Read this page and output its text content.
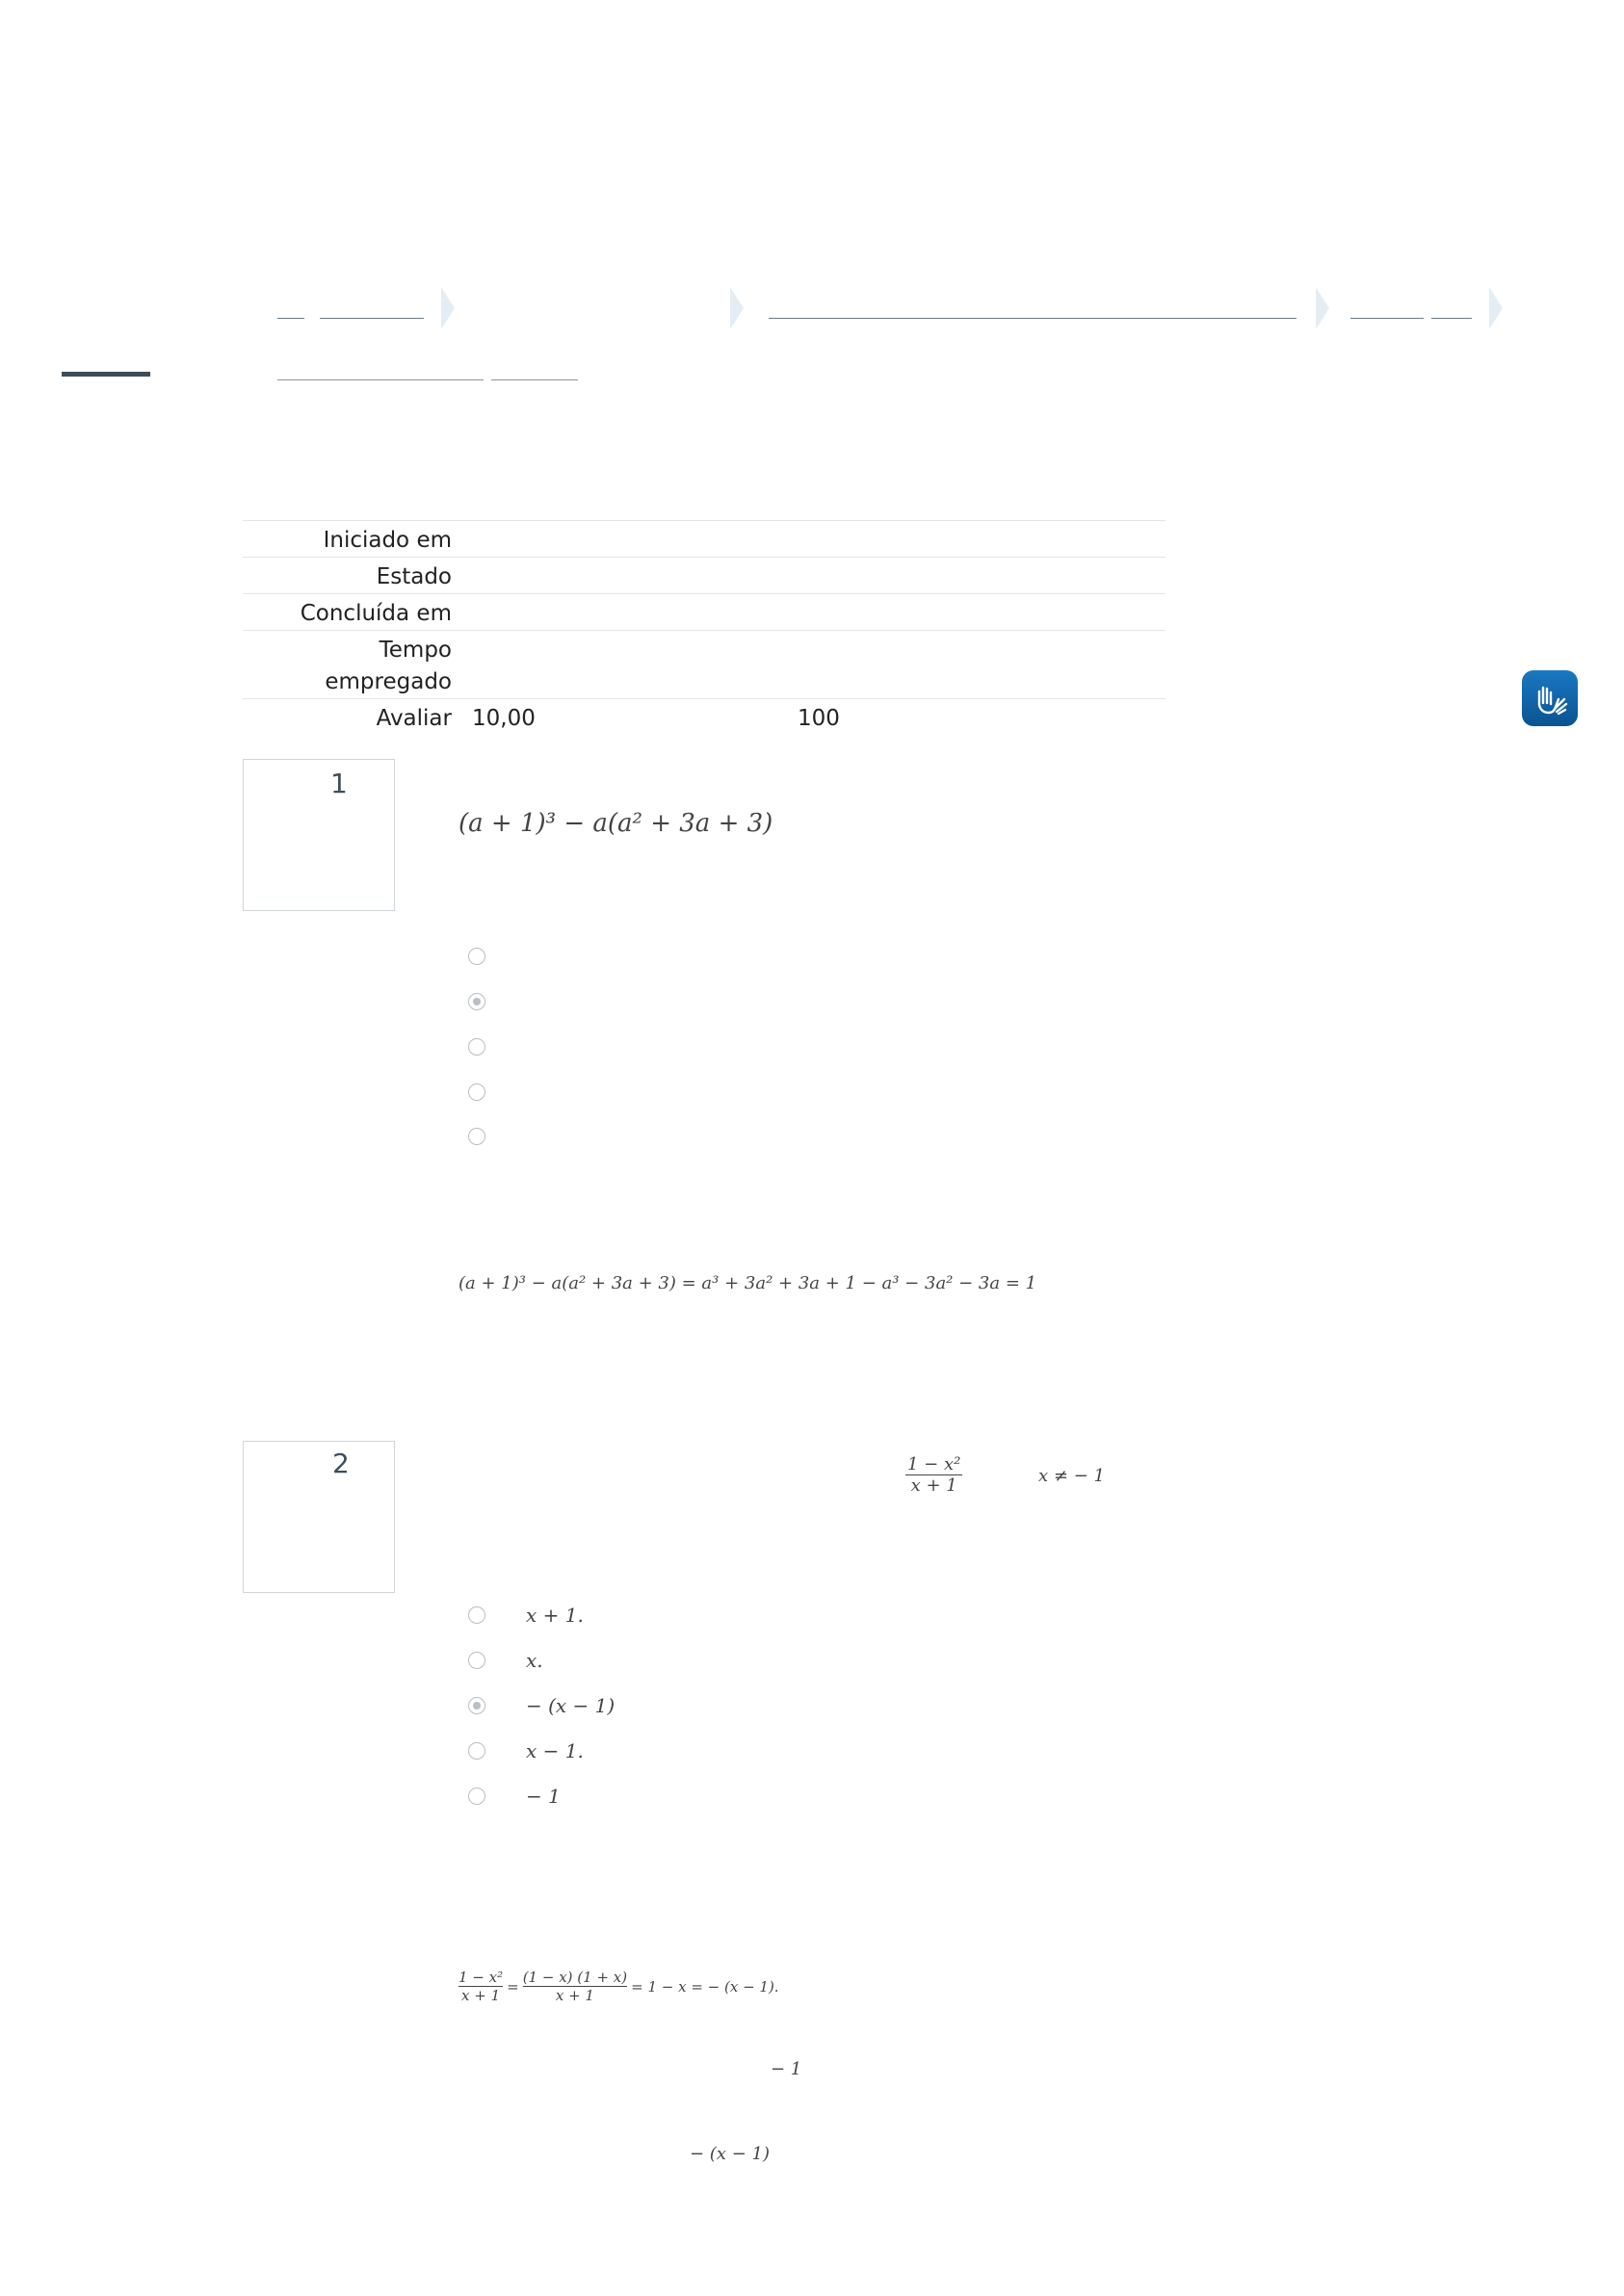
Iniciado em
Estado
Concluída em
Tempo
empregado
Avaliar 10,00	100
1
(a + 1)³ − a(a² + 3a + 3)
(a + 1)³ − a(a² + 3a + 3) = a³ + 3a² + 3a + 1 − a³ − 3a² − 3a = 1
2	$\frac{\text{1 − x²}}{x + 1}$	x ≠ − 1
x + 1.
x.
− (x − 1)
x − 1.
− 1
$\frac{\text{1 − x²}}{x + 1} = \frac{(1 - x) (1 + x)}{x + 1} = 1 - x$ = − (x − 1).
− 1
− (x − 1)
